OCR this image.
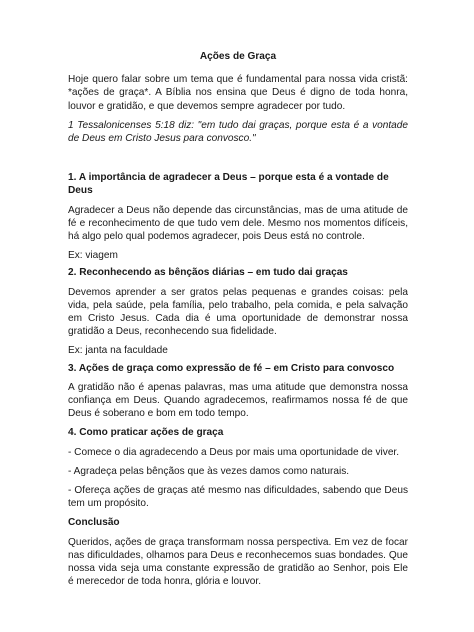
Ações de Graça

Hoje quero falar sobre um tema que é fundamental para nossa vida cristã: *ações de graça*. A Bíblia nos ensina que Deus é digno de toda honra, louvor e gratidão, e que devemos sempre agradecer por tudo.

1 Tessalonicenses 5:18 diz: "em tudo dai graças, porque esta é a vontade de Deus em Cristo Jesus para convosco."

1. A importância de agradecer a Deus – porque esta é a vontade de Deus

Agradecer a Deus não depende das circunstâncias, mas de uma atitude de fé e reconhecimento de que tudo vem dele. Mesmo nos momentos difíceis, há algo pelo qual podemos agradecer, pois Deus está no controle.

Ex: viagem

2. Reconhecendo as bênçãos diárias – em tudo dai graças

Devemos aprender a ser gratos pelas pequenas e grandes coisas: pela vida, pela saúde, pela família, pelo trabalho, pela comida, e pela salvação em Cristo Jesus. Cada dia é uma oportunidade de demonstrar nossa gratidão a Deus, reconhecendo sua fidelidade.

Ex: janta na faculdade

3. Ações de graça como expressão de fé – em Cristo para convosco

A gratidão não é apenas palavras, mas uma atitude que demonstra nossa confiança em Deus. Quando agradecemos, reafirmamos nossa fé de que Deus é soberano e bom em todo tempo.

4. Como praticar ações de graça

- Comece o dia agradecendo a Deus por mais uma oportunidade de viver.

- Agradeça pelas bênçãos que às vezes damos como naturais.

- Ofereça ações de graças até mesmo nas dificuldades, sabendo que Deus tem um propósito.

Conclusão

Queridos, ações de graça transformam nossa perspectiva. Em vez de focar nas dificuldades, olhamos para Deus e reconhecemos suas bondades. Que nossa vida seja uma constante expressão de gratidão ao Senhor, pois Ele é merecedor de toda honra, glória e louvor.
